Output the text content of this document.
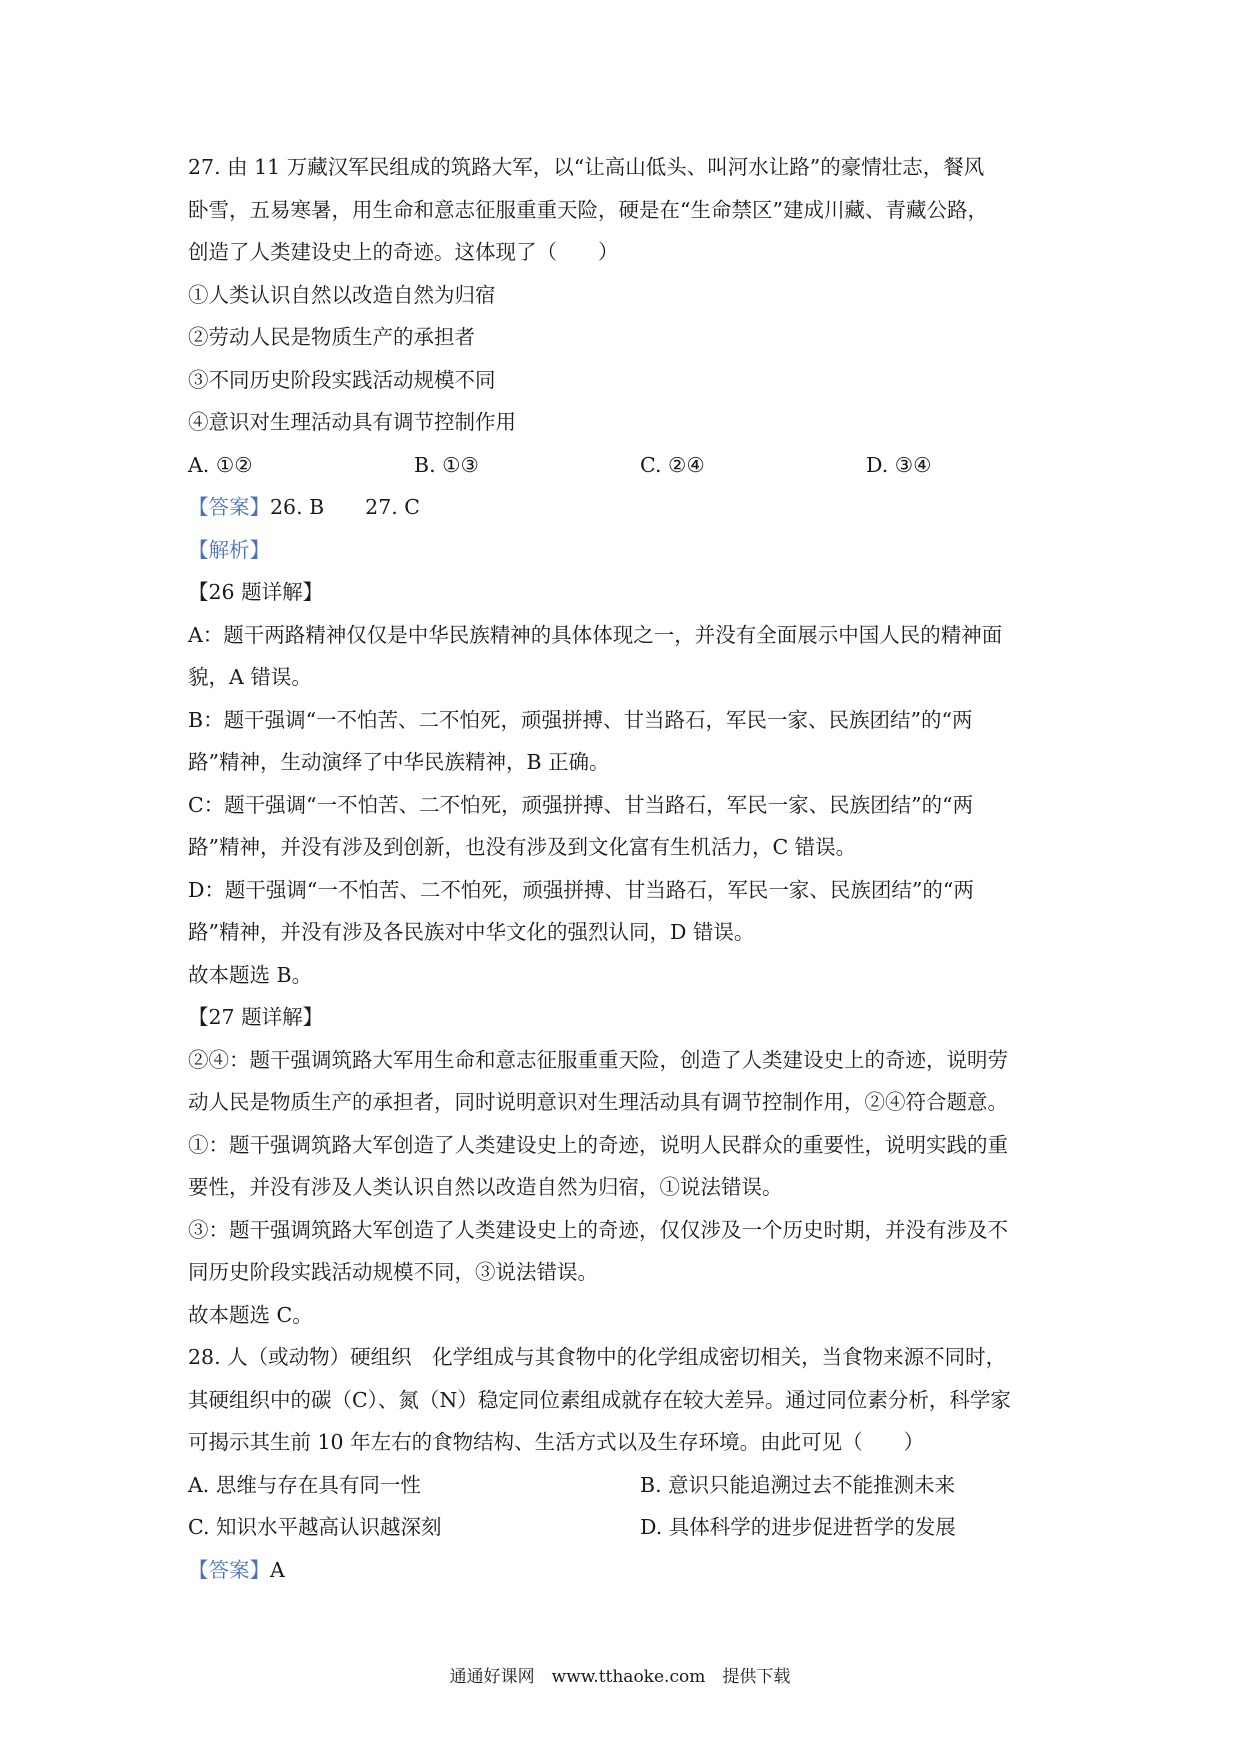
27. 由 11 万藏汉军民组成的筑路大军，以“让高山低头、叫河水让路”的豪情壮志，餐风
卧雪，五易寒暑，用生命和意志征服重重天险，硬是在“生命禁区”建成川藏、青藏公路，
创造了人类建设史上的奇迹。这体现了（　　）
①人类认识自然以改造自然为归宿
②劳动人民是物质生产的承担者
③不同历史阶段实践活动规模不同
④意识对生理活动具有调节控制作用
A. ①②	B. ①③	C. ②④	D. ③④
【答案】26. B　　27. C
【解析】
【26 题详解】
A：题干两路精神仅仅是中华民族精神的具体体现之一，并没有全面展示中国人民的精神面
貌，A 错误。
B：题干强调“一不怕苦、二不怕死，顽强拼搏、甘当路石，军民一家、民族团结”的“两
路”精神，生动演绎了中华民族精神，B 正确。
C：题干强调“一不怕苦、二不怕死，顽强拼搏、甘当路石，军民一家、民族团结”的“两
路”精神，并没有涉及到创新，也没有涉及到文化富有生机活力，C 错误。
D：题干强调“一不怕苦、二不怕死，顽强拼搏、甘当路石，军民一家、民族团结”的“两
路”精神，并没有涉及各民族对中华文化的强烈认同，D 错误。
故本题选 B。
【27 题详解】
②④：题干强调筑路大军用生命和意志征服重重天险，创造了人类建设史上的奇迹，说明劳
动人民是物质生产的承担者，同时说明意识对生理活动具有调节控制作用，②④符合题意。
①：题干强调筑路大军创造了人类建设史上的奇迹，说明人民群众的重要性，说明实践的重
要性，并没有涉及人类认识自然以改造自然为归宿，①说法错误。
③：题干强调筑路大军创造了人类建设史上的奇迹，仅仅涉及一个历史时期，并没有涉及不
同历史阶段实践活动规模不同，③说法错误。
故本题选 C。
28. 人（或动物）硬组织　化学组成与其食物中的化学组成密切相关，当食物来源不同时，
其硬组织中的碳（C）、氮（N）稳定同位素组成就存在较大差异。通过同位素分析，科学家
可揭示其生前 10 年左右的食物结构、生活方式以及生存环境。由此可见（　　）
A. 思维与存在具有同一性	B. 意识只能追溯过去不能推测未来
C. 知识水平越高认识越深刻	D. 具体科学的进步促进哲学的发展
【答案】A
通通好课网　www.tthaoke.com　提供下载
